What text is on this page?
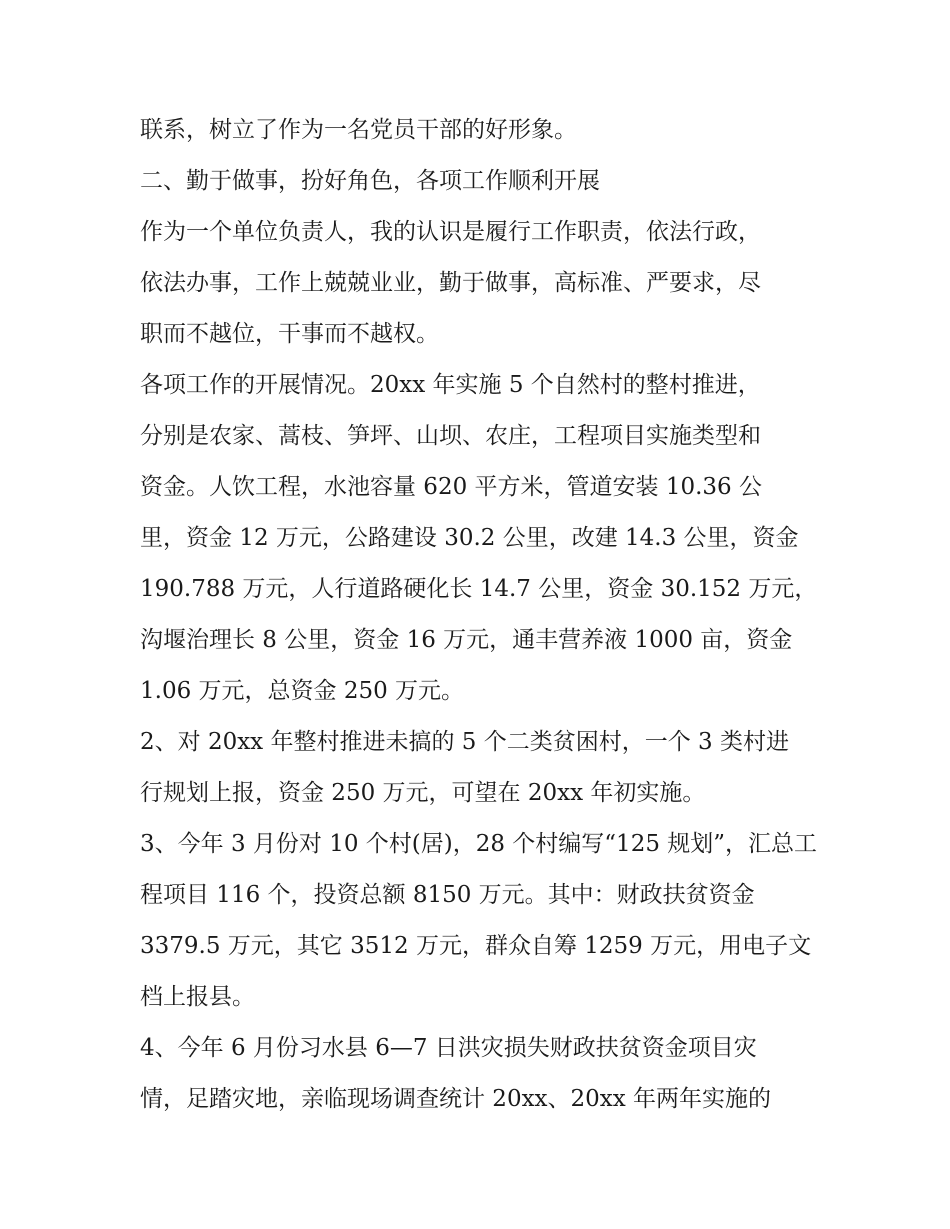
联系，树立了作为一名党员干部的好形象。
二、勤于做事，扮好角色，各项工作顺利开展
作为一个单位负责人，我的认识是履行工作职责，依法行政，
依法办事，工作上兢兢业业，勤于做事，高标准、严要求，尽
职而不越位，干事而不越权。
各项工作的开展情况。20xx 年实施 5 个自然村的整村推进，
分别是农家、蒿枝、笋坪、山坝、农庄，工程项目实施类型和
资金。人饮工程，水池容量 620 平方米，管道安装 10.36 公
里，资金 12 万元，公路建设 30.2 公里，改建 14.3 公里，资金
190.788 万元，人行道路硬化长 14.7 公里，资金 30.152 万元，
沟堰治理长 8 公里，资金 16 万元，通丰营养液 1000 亩，资金
1.06 万元，总资金 250 万元。
2、对 20xx 年整村推进未搞的 5 个二类贫困村，一个 3 类村进
行规划上报，资金 250 万元，可望在 20xx 年初实施。
3、今年 3 月份对 10 个村(居)，28 个村编写“125 规划”，汇总工
程项目 116 个，投资总额 8150 万元。其中：财政扶贫资金
3379.5 万元，其它 3512 万元，群众自筹 1259 万元，用电子文
档上报县。
4、今年 6 月份习水县 6—7 日洪灾损失财政扶贫资金项目灾
情，足踏灾地，亲临现场调查统计 20xx、20xx 年两年实施的
